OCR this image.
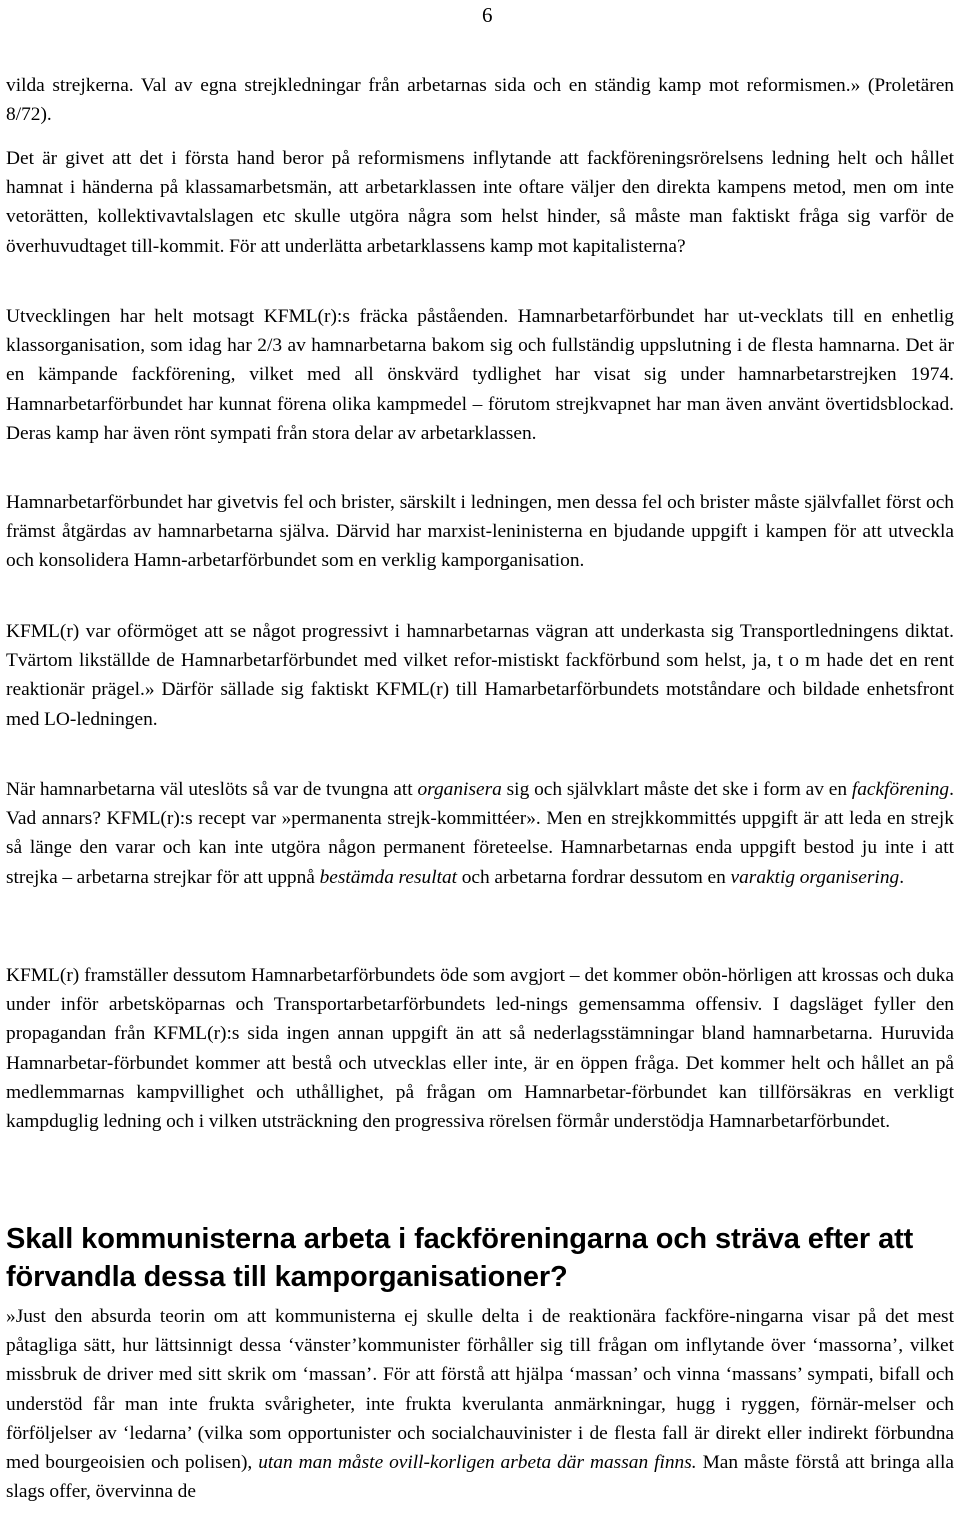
6

vilda strejkerna. Val av egna strejkledningar från arbetarnas sida och en ständig kamp mot reformismen.» (Proletären 8/72).

Det är givet att det i första hand beror på reformismens inflytande att fackföreningsrörelsens ledning helt och hållet hamnat i händerna på klassamarbetsmän, att arbetarklassen inte oftare väljer den direkta kampens metod, men om inte vetorätten, kollektivavtalslagen etc skulle utgöra några som helst hinder, så måste man faktiskt fråga sig varför de överhuvudtaget till-kommit. För att underlätta arbetarklassens kamp mot kapitalisterna?

Utvecklingen har helt motsagt KFML(r):s fräcka påståenden. Hamnarbetarförbundet har ut-vecklats till en enhetlig klassorganisation, som idag har 2/3 av hamnarbetarna bakom sig och fullständig uppslutning i de flesta hamnarna. Det är en kämpande fackförening, vilket med all önskvärd tydlighet har visat sig under hamnarbetarstrejken 1974. Hamnarbetarförbundet har kunnat förena olika kampmedel – förutom strejkvapnet har man även använt övertidsblockad. Deras kamp har även rönt sympati från stora delar av arbetarklassen.

Hamnarbetarförbundet har givetvis fel och brister, särskilt i ledningen, men dessa fel och brister måste självfallet först och främst åtgärdas av hamnarbetarna själva. Därvid har marxist-leninisterna en bjudande uppgift i kampen för att utveckla och konsolidera Hamn-arbetarförbundet som en verklig kamporganisation.

KFML(r) var oförmöget att se något progressivt i hamnarbetarnas vägran att underkasta sig Transportledningens diktat. Tvärtom likställde de Hamnarbetarförbundet med vilket refor-mistiskt fackförbund som helst, ja, t o m hade det en rent reaktionär prägel.» Därför sällade sig faktiskt KFML(r) till Hamarbetarförbundets motståndare och bildade enhetsfront med LO-ledningen.

När hamnarbetarna väl uteslöts så var de tvungna att organisera sig och självklart måste det ske i form av en fackförening. Vad annars? KFML(r):s recept var »permanenta strejk-kommittéer». Men en strejkkommittés uppgift är att leda en strejk så länge den varar och kan inte utgöra någon permanent företeelse. Hamnarbetarnas enda uppgift bestod ju inte i att strejka – arbetarna strejkar för att uppnå bestämda resultat och arbetarna fordrar dessutom en varaktig organisering.

KFML(r) framställer dessutom Hamnarbetarförbundets öde som avgjort – det kommer obön-hörligen att krossas och duka under inför arbetsköparnas och Transportarbetarförbundets led-nings gemensamma offensiv. I dagsläget fyller den propagandan från KFML(r):s sida ingen annan uppgift än att så nederlagsstämningar bland hamnarbetarna. Huruvida Hamnarbetar-förbundet kommer att bestå och utvecklas eller inte, är en öppen fråga. Det kommer helt och hållet an på medlemmarnas kampvillighet och uthållighet, på frågan om Hamnarbetar-förbundet kan tillförsäkras en verkligt kampduglig ledning och i vilken utsträckning den progressiva rörelsen förmår understödja Hamnarbetarförbundet.

Skall kommunisterna arbeta i fackföreningarna och sträva efter att förvandla dessa till kamporganisationer?

»Just den absurda teorin om att kommunisterna ej skulle delta i de reaktionära fackföre-ningarna visar på det mest påtagliga sätt, hur lättsinnigt dessa ‘vänster’kommunister förhåller sig till frågan om inflytande över ‘massorna’, vilket missbruk de driver med sitt skrik om ‘massan’. För att förstå att hjälpa ‘massan’ och vinna ‘massans’ sympati, bifall och understöd får man inte frukta svårigheter, inte frukta kverulanta anmärkningar, hugg i ryggen, förnär-melser och förföljelser av ‘ledarna’ (vilka som opportunister och socialchauvinister i de flesta fall är direkt eller indirekt förbundna med bourgeoisien och polisen), utan man måste ovill-korligen arbeta där massan finns. Man måste förstå att bringa alla slags offer, övervinna de
